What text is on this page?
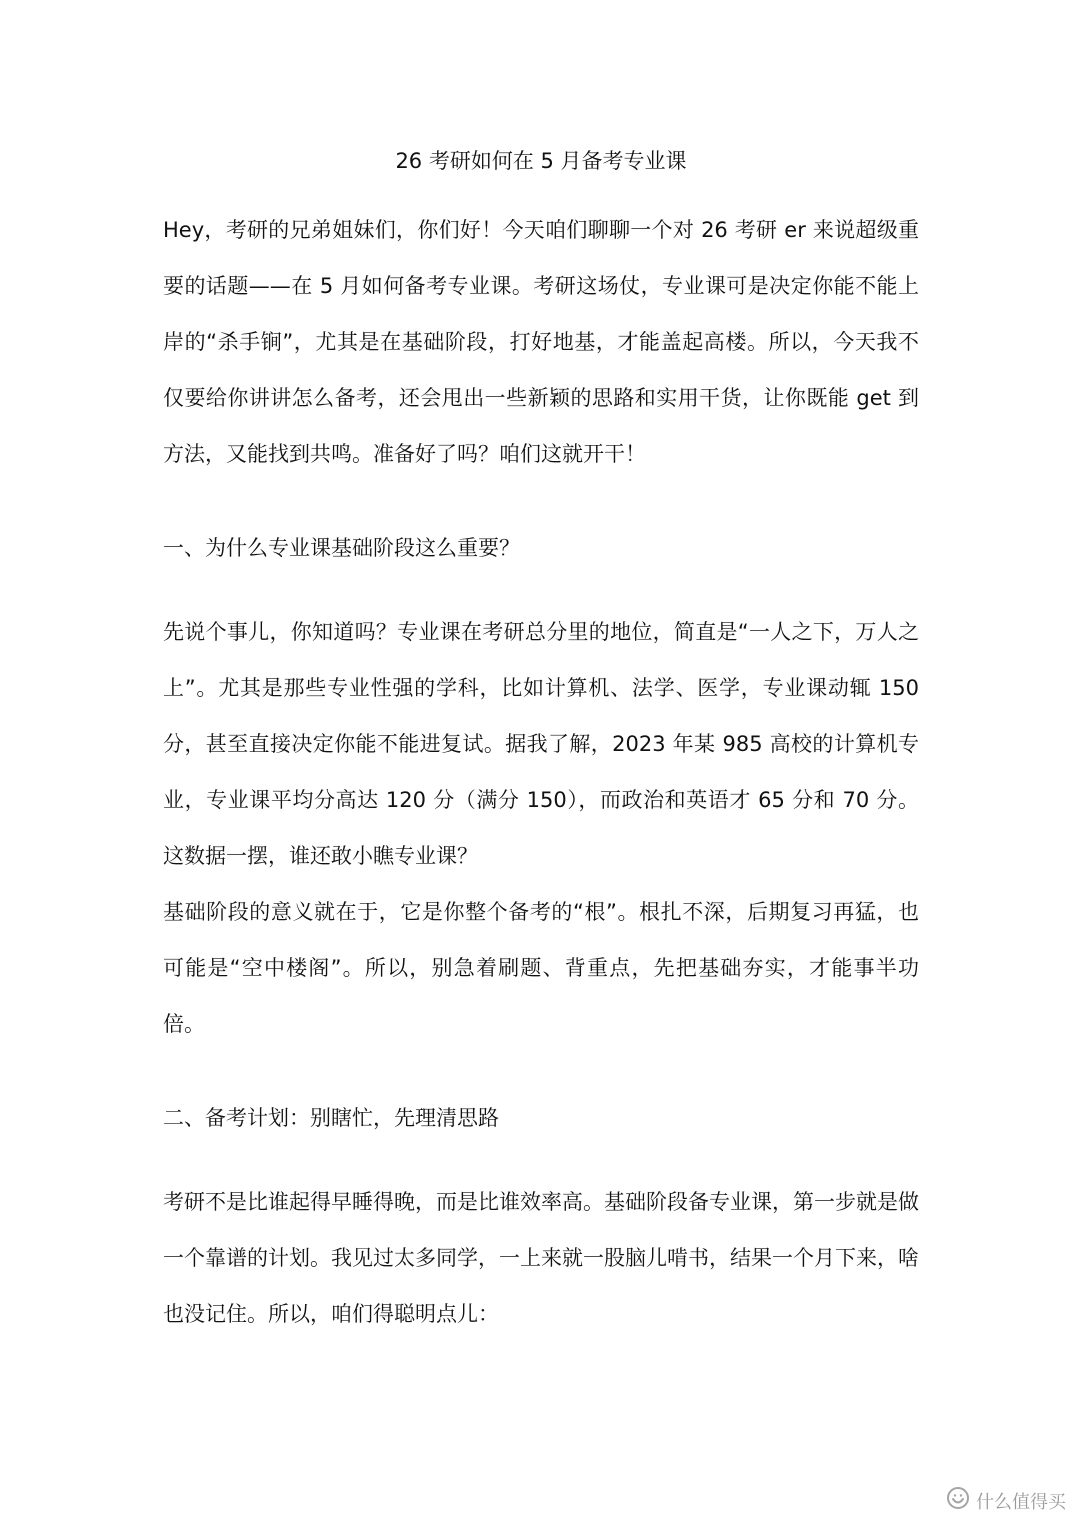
26 考研如何在 5 月备考专业课

Hey，考研的兄弟姐妹们，你们好！今天咱们聊聊一个对 26 考研 er 来说超级重要的话题——在 5 月如何备考专业课。考研这场仗，专业课可是决定你能不能上岸的“杀手锏”，尤其是在基础阶段，打好地基，才能盖起高楼。所以，今天我不仅要给你讲讲怎么备考，还会甩出一些新颖的思路和实用干货，让你既能 get 到方法，又能找到共鸣。准备好了吗？咱们这就开干！

一、为什么专业课基础阶段这么重要？

先说个事儿，你知道吗？专业课在考研总分里的地位，简直是“一人之下，万人之上”。尤其是那些专业性强的学科，比如计算机、法学、医学，专业课动辄 150 分，甚至直接决定你能不能进复试。据我了解，2023 年某 985 高校的计算机专业，专业课平均分高达 120 分（满分 150），而政治和英语才 65 分和 70 分。这数据一摆，谁还敢小瞧专业课？

基础阶段的意义就在于，它是你整个备考的“根”。根扎不深，后期复习再猛，也可能是“空中楼阁”。所以，别急着刷题、背重点，先把基础夯实，才能事半功倍。

二、备考计划：别瞎忙，先理清思路

考研不是比谁起得早睡得晚，而是比谁效率高。基础阶段备专业课，第一步就是做一个靠谱的计划。我见过太多同学，一上来就一股脑儿啃书，结果一个月下来，啥也没记住。所以，咱们得聪明点儿：

什么值得买
